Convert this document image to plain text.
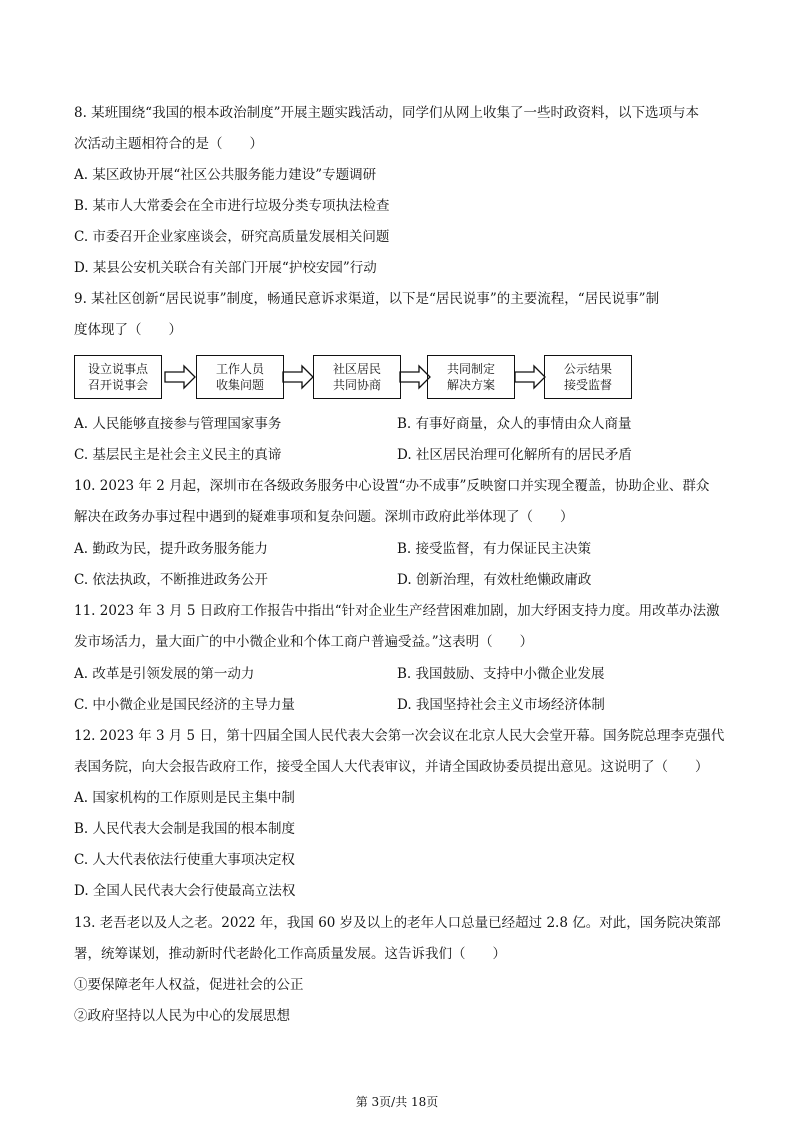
8. 某班围绕“我国的根本政治制度”开展主题实践活动，同学们从网上收集了一些时政资料，以下选项与本
次活动主题相符合的是（　　）
A. 某区政协开展“社区公共服务能力建设”专题调研
B. 某市人大常委会在全市进行垃圾分类专项执法检查
C. 市委召开企业家座谈会，研究高质量发展相关问题
D. 某县公安机关联合有关部门开展“护校安园”行动
9. 某社区创新“居民说事”制度，畅通民意诉求渠道，以下是“居民说事”的主要流程，“居民说事”制
度体现了（　　）
设立说事点
召开说事会
工作人员
收集问题
社区居民
共同协商
共同制定
解决方案
公示结果
接受监督
A. 人民能够直接参与管理国家事务	B. 有事好商量，众人的事情由众人商量
C. 基层民主是社会主义民主的真谛	D. 社区居民治理可化解所有的居民矛盾
10. 2023 年 2 月起，深圳市在各级政务服务中心设置“办不成事”反映窗口并实现全覆盖，协助企业、群众
解决在政务办事过程中遇到的疑难事项和复杂问题。深圳市政府此举体现了（　　）
A. 勤政为民，提升政务服务能力	B. 接受监督，有力保证民主决策
C. 依法执政，不断推进政务公开	D. 创新治理，有效杜绝懒政庸政
11. 2023 年 3 月 5 日政府工作报告中指出“针对企业生产经营困难加剧，加大纾困支持力度。用改革办法激
发市场活力，量大面广的中小微企业和个体工商户普遍受益。”这表明（　　）
A. 改革是引领发展的第一动力	B. 我国鼓励、支持中小微企业发展
C. 中小微企业是国民经济的主导力量	D. 我国坚持社会主义市场经济体制
12. 2023 年 3 月 5 日，第十四届全国人民代表大会第一次会议在北京人民大会堂开幕。国务院总理李克强代
表国务院，向大会报告政府工作，接受全国人大代表审议，并请全国政协委员提出意见。这说明了（　　）
A. 国家机构的工作原则是民主集中制
B. 人民代表大会制是我国的根本制度
C. 人大代表依法行使重大事项决定权
D. 全国人民代表大会行使最高立法权
13. 老吾老以及人之老。2022 年，我国 60 岁及以上的老年人口总量已经超过 2.8 亿。对此，国务院决策部
署，统筹谋划，推动新时代老龄化工作高质量发展。这告诉我们（　　）
①要保障老年人权益，促进社会的公正
②政府坚持以人民为中心的发展思想
第 3页/共 18页
